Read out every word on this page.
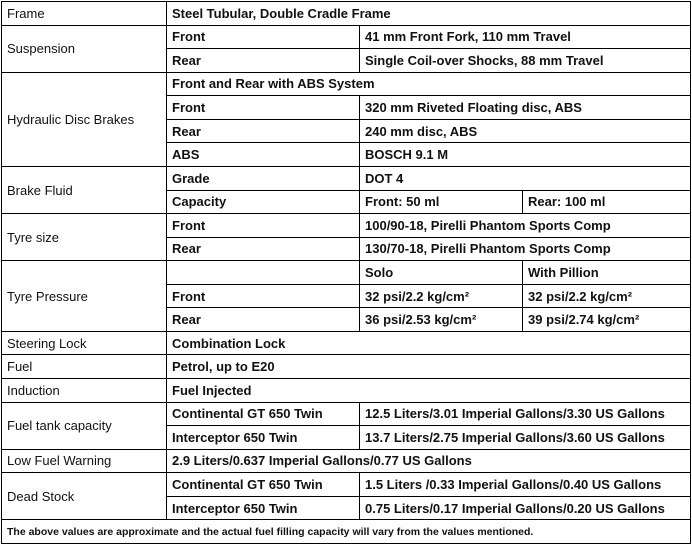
Frame	Steel Tubular, Double Cradle Frame		
Suspension	Front	41 mm Front Fork, 110 mm Travel	
	Rear	Single Coil-over Shocks, 88 mm Travel	
Hydraulic Disc Brakes	Front and Rear with ABS System		
	Front	320 mm Riveted Floating disc, ABS	
	Rear	240 mm disc, ABS	
	ABS	BOSCH 9.1 M	
Brake Fluid	Grade	DOT 4	
	Capacity	Front: 50 ml	Rear: 100 ml
Tyre size	Front	100/90-18, Pirelli Phantom Sports Comp	
	Rear	130/70-18, Pirelli Phantom Sports Comp	
Tyre Pressure		Solo	With Pillion
	Front	32 psi/2.2 kg/cm²	32 psi/2.2 kg/cm²
	Rear	36 psi/2.53 kg/cm²	39 psi/2.74 kg/cm²
Steering Lock	Combination Lock		
Fuel	Petrol, up to E20		
Induction	Fuel Injected		
Fuel tank capacity	Continental GT 650 Twin	12.5 Liters/3.01 Imperial Gallons/3.30 US Gallons	
	Interceptor 650 Twin	13.7 Liters/2.75 Imperial Gallons/3.60 US Gallons	
Low Fuel Warning	2.9 Liters/0.637 Imperial Gallons/0.77 US Gallons		
Dead Stock	Continental GT 650 Twin	1.5 Liters /0.33 Imperial Gallons/0.40 US Gallons	
	Interceptor 650 Twin	0.75 Liters/0.17 Imperial Gallons/0.20 US Gallons	
The above values are approximate and the actual fuel filling capacity will vary from the values mentioned.			
